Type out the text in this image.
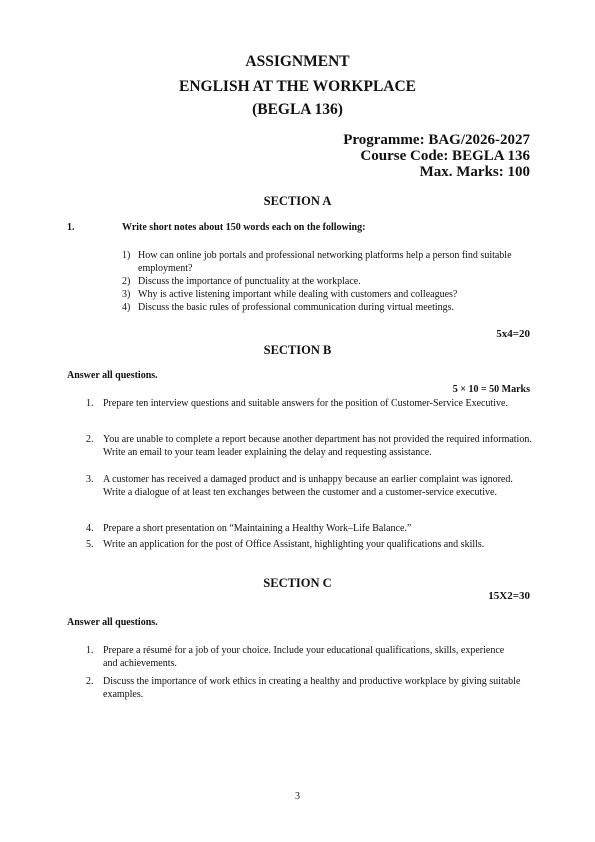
ASSIGNMENT
ENGLISH AT THE WORKPLACE
(BEGLA 136)
Programme: BAG/2026-2027
Course Code: BEGLA 136
Max. Marks: 100
SECTION A
1.	Write short notes about 150 words each on the following:
1) How can online job portals and professional networking platforms help a person find suitable employment?
2) Discuss the importance of punctuality at the workplace.
3) Why is active listening important while dealing with customers and colleagues?
4) Discuss the basic rules of professional communication during virtual meetings.
5x4=20
SECTION B
Answer all questions.
5 × 10 = 50 Marks
1. Prepare ten interview questions and suitable answers for the position of Customer-Service Executive.
2. You are unable to complete a report because another department has not provided the required information. Write an email to your team leader explaining the delay and requesting assistance.
3. A customer has received a damaged product and is unhappy because an earlier complaint was ignored. Write a dialogue of at least ten exchanges between the customer and a customer-service executive.
4. Prepare a short presentation on “Maintaining a Healthy Work–Life Balance.”
5. Write an application for the post of Office Assistant, highlighting your qualifications and skills.
SECTION C
15X2=30
Answer all questions.
1. Prepare a résumé for a job of your choice. Include your educational qualifications, skills, experience and achievements.
2. Discuss the importance of work ethics in creating a healthy and productive workplace by giving suitable examples.
3
